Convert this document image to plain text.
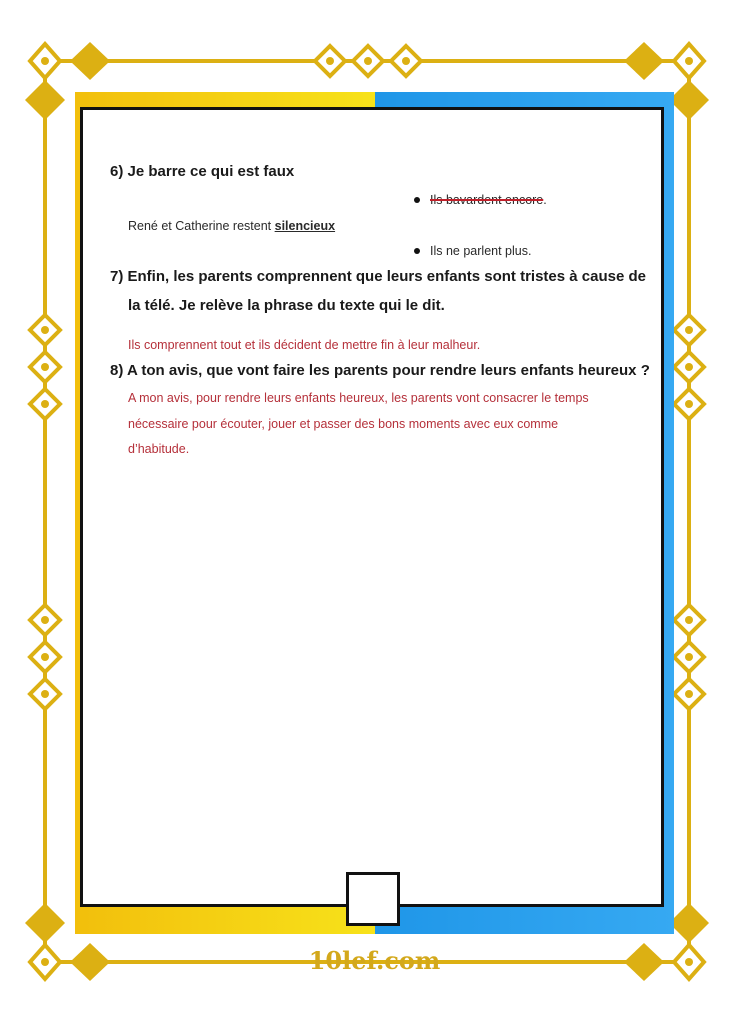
6) Je barre ce qui est faux
Ils bavardent encore.
René et Catherine restent silencieux
Ils ne parlent plus.
7) Enfin, les parents comprennent que leurs enfants sont tristes à cause de
la télé. Je relève la phrase du texte qui le dit.
Ils comprennent tout et ils décident de mettre fin à leur malheur.
8) A ton avis, que vont faire les parents pour rendre leurs enfants heureux ?
A mon avis, pour rendre leurs enfants heureux, les parents vont consacrer le temps
nécessaire pour écouter, jouer et passer des bons moments avec eux comme
d’habitude.
10lef.com
